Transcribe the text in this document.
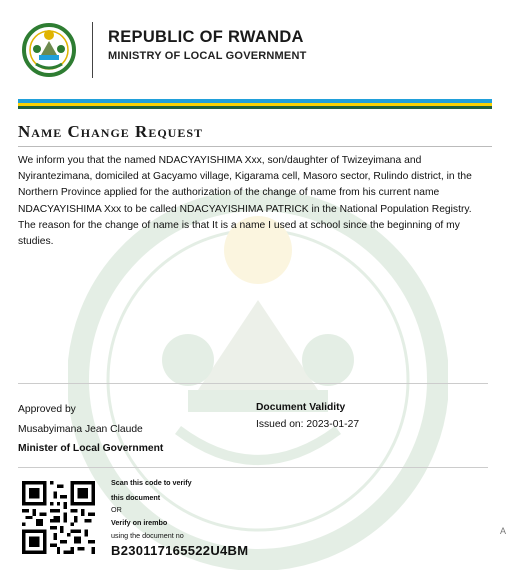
REPUBLIC OF RWANDA
MINISTRY OF LOCAL GOVERNMENT
Name Change Request
We inform you that the named NDACYAYISHIMA Xxx, son/daughter of Twizeyimana and Nyirantezimana, domiciled at Gacyamo village, Kigarama cell, Masoro sector, Rulindo district, in the Northern Province applied for the authorization of the change of name from his current name NDACYAYISHIMA Xxx to be called NDACYAYISHIMA PATRICK in the National Population Registry. The reason for the change of name is that It is a name I used at school since the beginning of my studies.
Approved by
Musabyimana Jean Claude
Minister of Local Government
Document Validity
Issued on: 2023-01-27
Scan this code to verify
this document
OR
Verify on irembo
using the document no
B230117165522U4BM
A
